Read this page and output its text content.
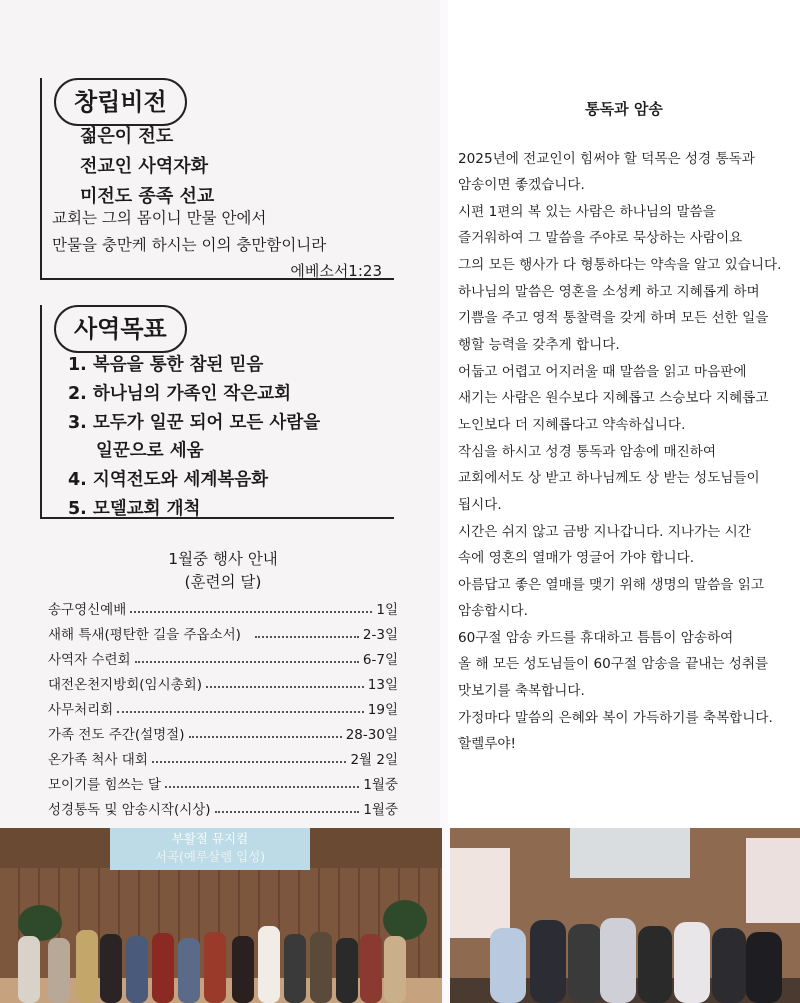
창립비전
젊은이 전도
전교인 사역자화
미전도 종족 선교
교회는 그의 몸이니 만물 안에서
만물을 충만케 하시는 이의 충만함이니라
에베소서1:23
사역목표
1. 복음을 통한 참된 믿음
2. 하나님의 가족인 작은교회
3. 모두가 일꾼 되어 모든 사람을
일꾼으로 세움
4. 지역전도와 세계복음화
5. 모델교회 개척
1월중 행사 안내
(훈련의 달)
송구영신예배	1일
새해 특새(평탄한 길을 주옵소서)	2-3일
사역자 수련회	6-7일
대전온천지방회(임시총회)	13일
사무처리회	19일
가족 전도 주간(설명절)	28-30일
온가족 척사 대회	2월 2일
모이기를 힘쓰는 달	1월중
성경통독 및 암송시작(시상)	1월중
통독과 암송
2025년에 전교인이 힘써야 할 덕목은 성경 통독과
암송이면 좋겠습니다.
시편 1편의 복 있는 사람은 하나님의 말씀을
즐거워하여 그 말씀을 주야로 묵상하는 사람이요
그의 모든 행사가 다 형통하다는 약속을 알고 있습니다.
하나님의 말씀은 영혼을 소성케 하고 지혜롭게 하며
기쁨을 주고 영적 통찰력을 갖게 하며 모든 선한 일을
행할 능력을 갖추게 합니다.
어둡고 어렵고 어지러울 때 말씀을 읽고 마음판에
새기는 사람은 원수보다 지혜롭고 스승보다 지혜롭고
노인보다 더 지혜롭다고 약속하십니다.
작심을 하시고 성경 통독과 암송에 매진하여
교회에서도 상 받고 하나님께도 상 받는 성도님들이
됩시다.
시간은 쉬지 않고 금방 지나갑니다. 지나가는 시간
속에 영혼의 열매가 영글어 가야 합니다.
아름답고 좋은 열매를 맺기 위해 생명의 말씀을 읽고
암송합시다.
60구절 암송 카드를 휴대하고 틈틈이 암송하여
올 해 모든 성도님들이 60구절 암송을 끝내는 성취를
맛보기를 축복합니다.
가정마다 말씀의 은혜와 복이 가득하기를 축복합니다.
할렐루야!
부활절 뮤지컬
서곡(예루살렘 입성)
